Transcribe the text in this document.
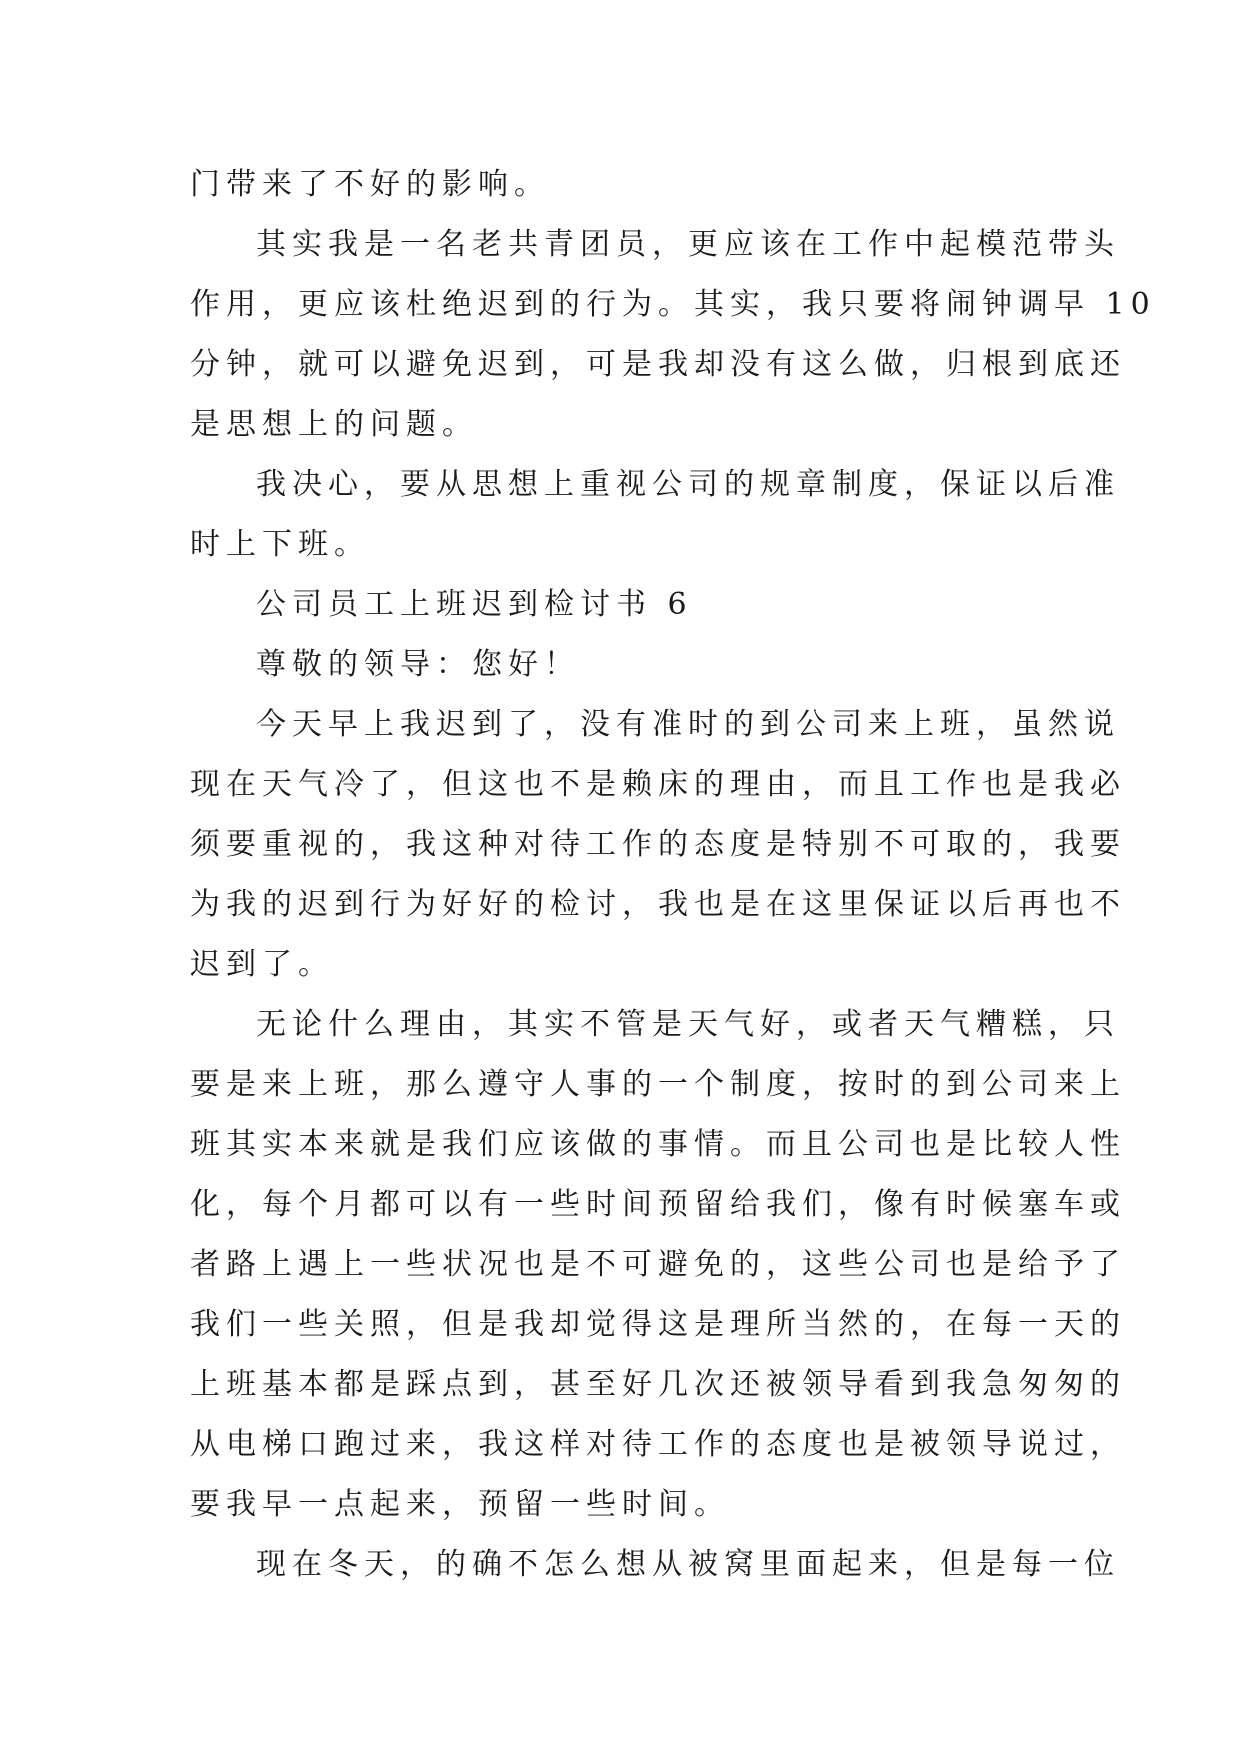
门带来了不好的影响。
其实我是一名老共青团员，更应该在工作中起模范带头
作用，更应该杜绝迟到的行为。其实，我只要将闹钟调早 10
分钟，就可以避免迟到，可是我却没有这么做，归根到底还
是思想上的问题。
我决心，要从思想上重视公司的规章制度，保证以后准
时上下班。
公司员工上班迟到检讨书 6
尊敬的领导：您好！
今天早上我迟到了，没有准时的到公司来上班，虽然说
现在天气冷了，但这也不是赖床的理由，而且工作也是我必
须要重视的，我这种对待工作的态度是特别不可取的，我要
为我的迟到行为好好的检讨，我也是在这里保证以后再也不
迟到了。
无论什么理由，其实不管是天气好，或者天气糟糕，只
要是来上班，那么遵守人事的一个制度，按时的到公司来上
班其实本来就是我们应该做的事情。而且公司也是比较人性
化，每个月都可以有一些时间预留给我们，像有时候塞车或
者路上遇上一些状况也是不可避免的，这些公司也是给予了
我们一些关照，但是我却觉得这是理所当然的，在每一天的
上班基本都是踩点到，甚至好几次还被领导看到我急匆匆的
从电梯口跑过来，我这样对待工作的态度也是被领导说过，
要我早一点起来，预留一些时间。
现在冬天，的确不怎么想从被窝里面起来，但是每一位
